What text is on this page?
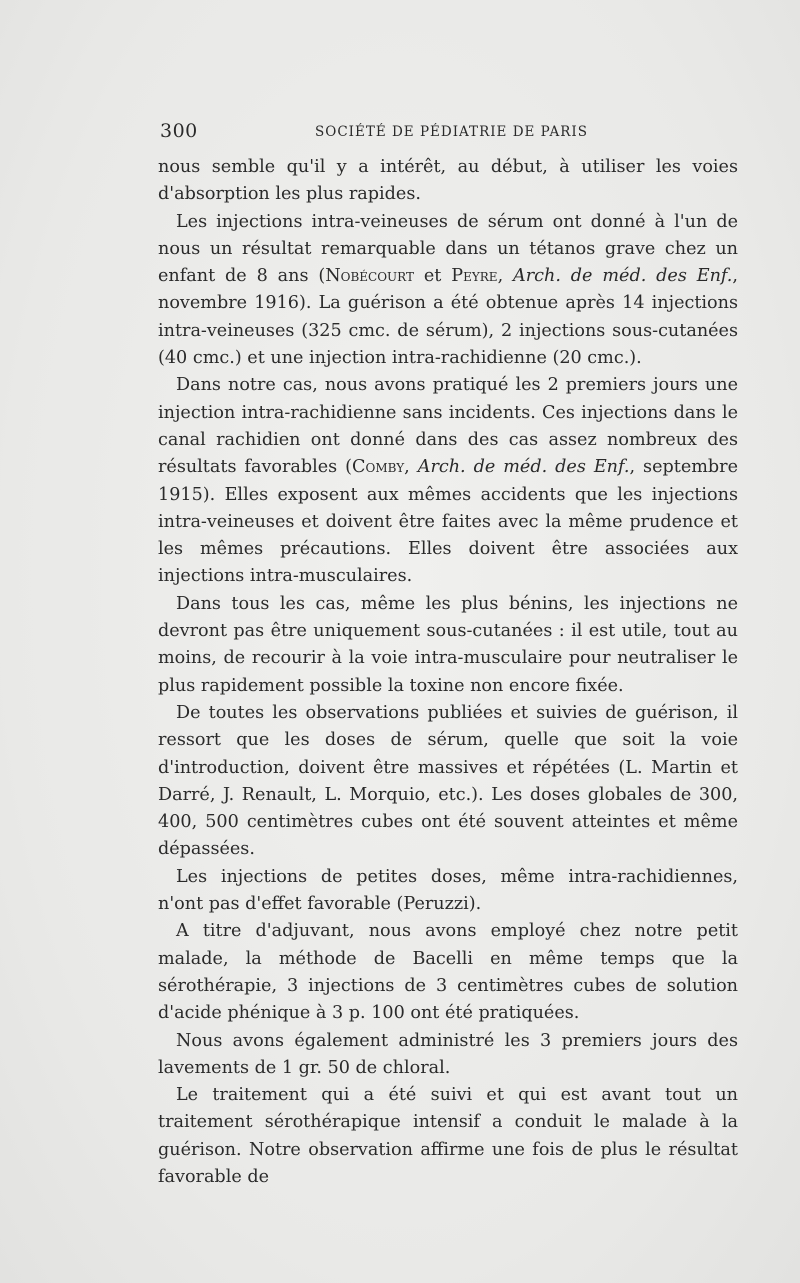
300	SOCIÉTÉ DE PÉDIATRIE DE PARIS

nous semble qu'il y a intérêt, au début, à utiliser les voies d'absorption les plus rapides.

Les injections intra-veineuses de sérum ont donné à l'un de nous un résultat remarquable dans un tétanos grave chez un enfant de 8 ans (Nobécourt et Peyre, Arch. de méd. des Enf., novembre 1916). La guérison a été obtenue après 14 injections intra-veineuses (325 cmc. de sérum), 2 injections sous-cutanées (40 cmc.) et une injection intra-rachidienne (20 cmc.).

Dans notre cas, nous avons pratiqué les 2 premiers jours une injection intra-rachidienne sans incidents. Ces injections dans le canal rachidien ont donné dans des cas assez nombreux des résultats favorables (Comby, Arch. de méd. des Enf., septembre 1915). Elles exposent aux mêmes accidents que les injections intra-veineuses et doivent être faites avec la même prudence et les mêmes précautions. Elles doivent être associées aux injections intra-musculaires.

Dans tous les cas, même les plus bénins, les injections ne devront pas être uniquement sous-cutanées : il est utile, tout au moins, de recourir à la voie intra-musculaire pour neutraliser le plus rapidement possible la toxine non encore fixée.

De toutes les observations publiées et suivies de guérison, il ressort que les doses de sérum, quelle que soit la voie d'introduction, doivent être massives et répétées (L. Martin et Darré, J. Renault, L. Morquio, etc.). Les doses globales de 300, 400, 500 centimètres cubes ont été souvent atteintes et même dépassées.

Les injections de petites doses, même intra-rachidiennes, n'ont pas d'effet favorable (Peruzzi).

A titre d'adjuvant, nous avons employé chez notre petit malade, la méthode de Bacelli en même temps que la sérothérapie, 3 injections de 3 centimètres cubes de solution d'acide phénique à 3 p. 100 ont été pratiquées.

Nous avons également administré les 3 premiers jours des lavements de 1 gr. 50 de chloral.

Le traitement qui a été suivi et qui est avant tout un traitement sérothérapique intensif a conduit le malade à la guérison. Notre observation affirme une fois de plus le résultat favorable de
